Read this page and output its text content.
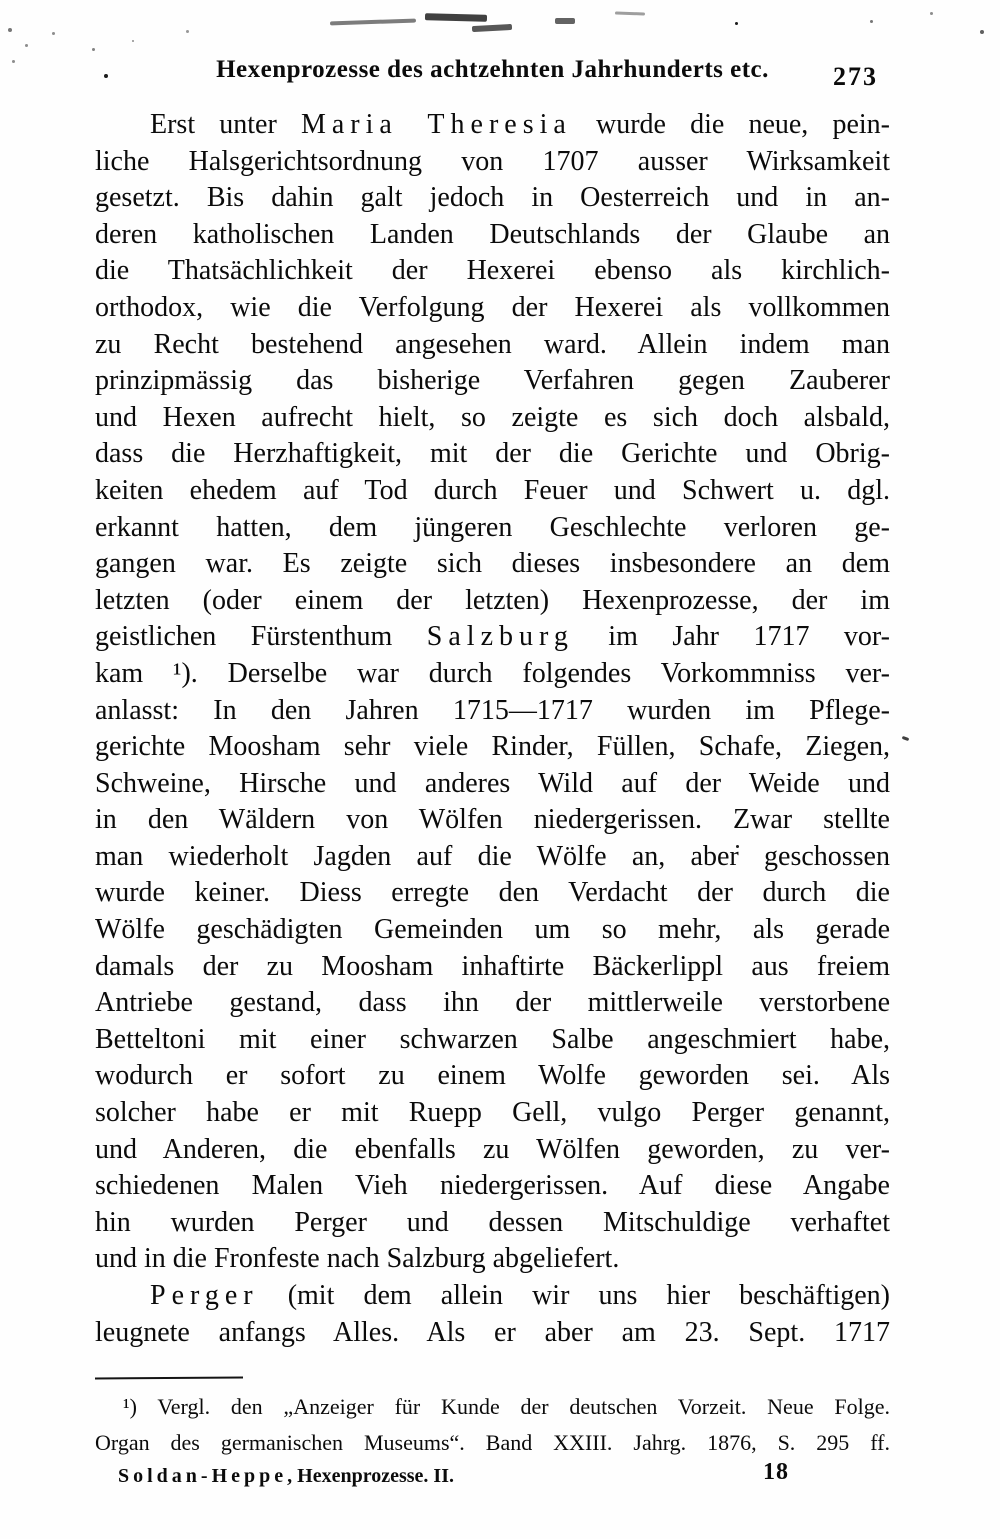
Hexenprozesse des achtzehnten Jahrhunderts etc.	273
Erst unter Maria Theresia wurde die neue, pein-
liche Halsgerichtsordnung von 1707 ausser Wirksamkeit
gesetzt. Bis dahin galt jedoch in Oesterreich und in an-
deren katholischen Landen Deutschlands der Glaube an
die Thatsächlichkeit der Hexerei ebenso als kirchlich-
orthodox, wie die Verfolgung der Hexerei als vollkommen
zu Recht bestehend angesehen ward. Allein indem man
prinzipmässig das bisherige Verfahren gegen Zauberer
und Hexen aufrecht hielt, so zeigte es sich doch alsbald,
dass die Herzhaftigkeit, mit der die Gerichte und Obrig-
keiten ehedem auf Tod durch Feuer und Schwert u. dgl.
erkannt hatten, dem jüngeren Geschlechte verloren ge-
gangen war. Es zeigte sich dieses insbesondere an dem
letzten (oder einem der letzten) Hexenprozesse, der im
geistlichen Fürstenthum Salzburg im Jahr 1717 vor-
kam ¹). Derselbe war durch folgendes Vorkommniss ver-
anlasst: In den Jahren 1715—1717 wurden im Pflege-
gerichte Moosham sehr viele Rinder, Füllen, Schafe, Ziegen,
Schweine, Hirsche und anderes Wild auf der Weide und
in den Wäldern von Wölfen niedergerissen. Zwar stellte
man wiederholt Jagden auf die Wölfe an, aber geschossen
wurde keiner. Diess erregte den Verdacht der durch die
Wölfe geschädigten Gemeinden um so mehr, als gerade
damals der zu Moosham inhaftirte Bäckerlippl aus freiem
Antriebe gestand, dass ihn der mittlerweile verstorbene
Betteltoni mit einer schwarzen Salbe angeschmiert habe,
wodurch er sofort zu einem Wolfe geworden sei. Als
solcher habe er mit Ruepp Gell, vulgo Perger genannt,
und Anderen, die ebenfalls zu Wölfen geworden, zu ver-
schiedenen Malen Vieh niedergerissen. Auf diese Angabe
hin wurden Perger und dessen Mitschuldige verhaftet
und in die Fronfeste nach Salzburg abgeliefert.
Perger (mit dem allein wir uns hier beschäftigen)
leugnete anfangs Alles. Als er aber am 23. Sept. 1717
¹) Vergl. den „Anzeiger für Kunde der deutschen Vorzeit. Neue Folge.
Organ des germanischen Museums“. Band XXIII. Jahrg. 1876, S. 295 ff.
Soldan-Heppe, Hexenprozesse. II.	18
